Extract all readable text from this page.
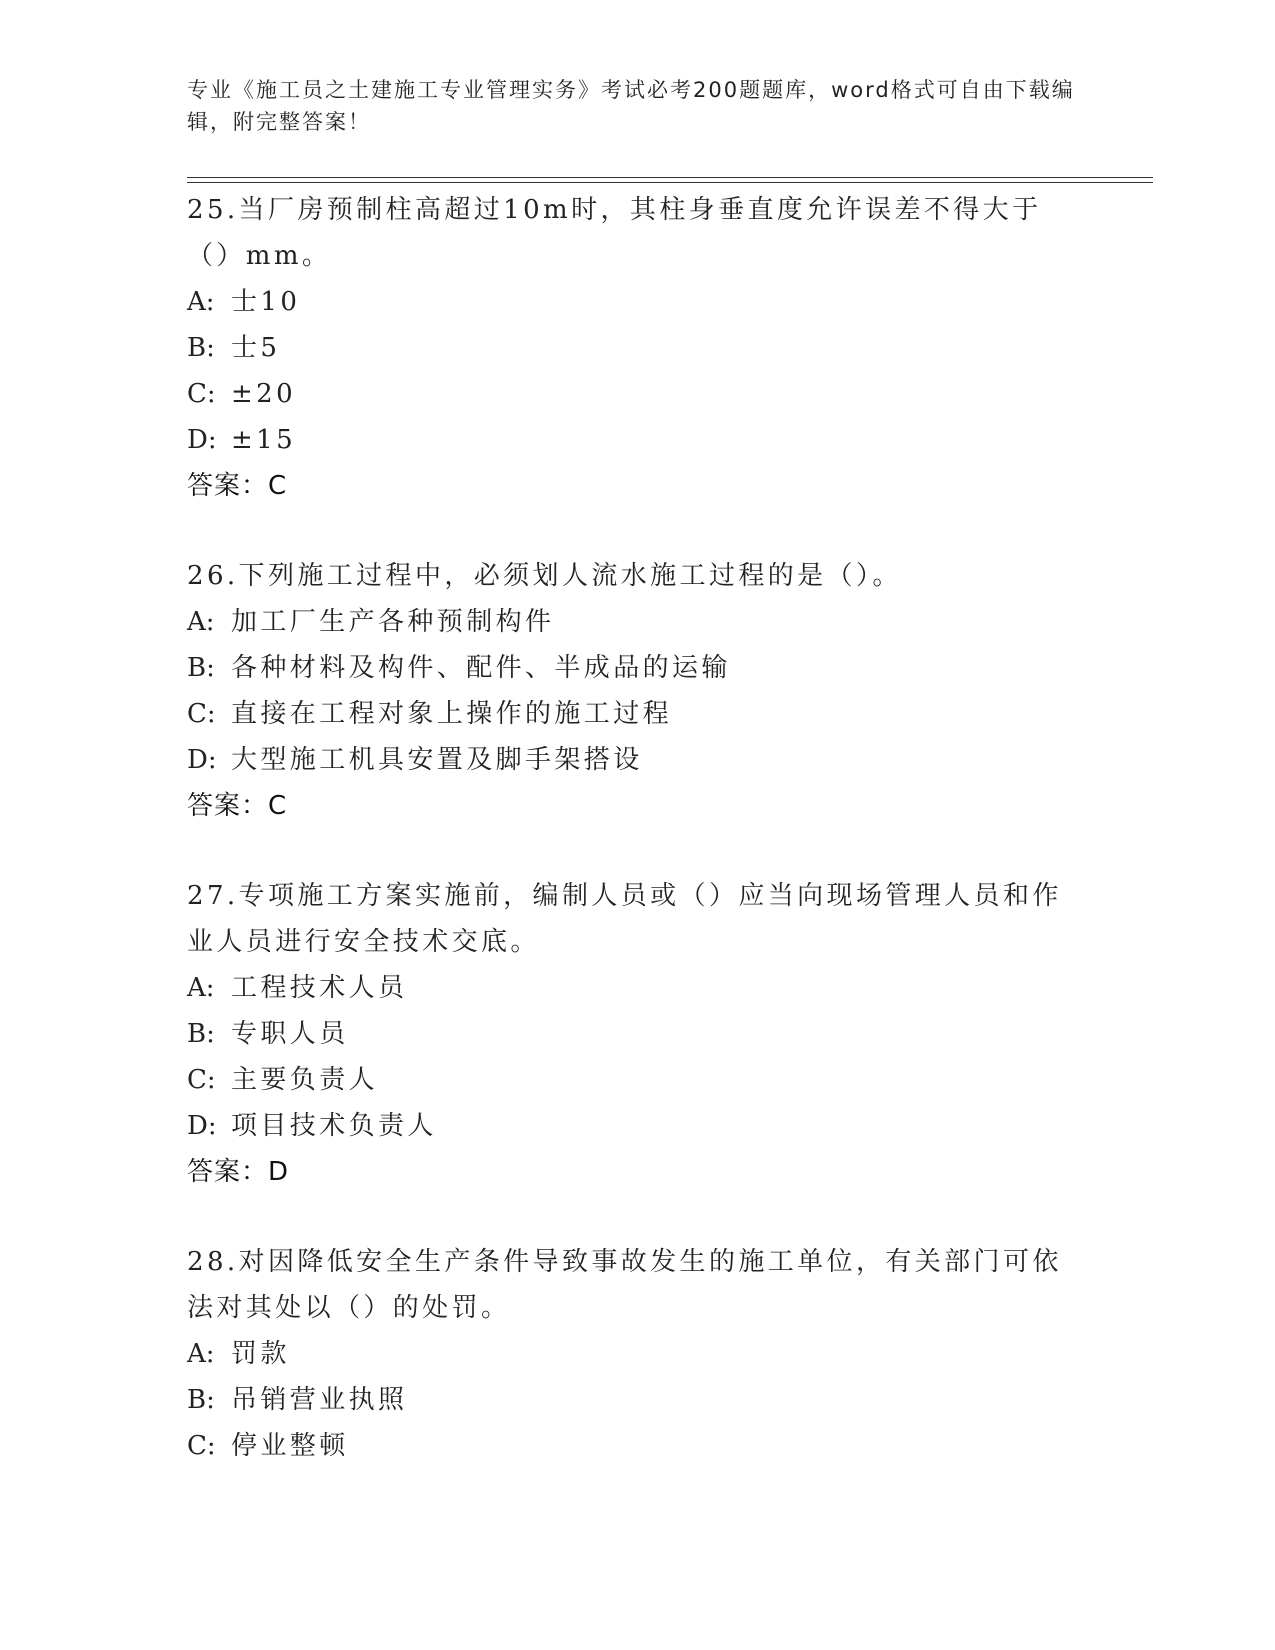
专业《施工员之土建施工专业管理实务》考试必考200题题库，word格式可自由下载编辑，附完整答案！

25.当厂房预制柱高超过10m时，其柱身垂直度允许误差不得大于（）mm。

A: 士10

B: 士5

C: ±20

D: ±15

答案：C

26.下列施工过程中，必须划人流水施工过程的是（）。

A: 加工厂生产各种预制构件

B: 各种材料及构件、配件、半成品的运输

C: 直接在工程对象上操作的施工过程

D: 大型施工机具安置及脚手架搭设

答案：C

27.专项施工方案实施前，编制人员或（）应当向现场管理人员和作业人员进行安全技术交底。

A: 工程技术人员

B: 专职人员

C: 主要负责人

D: 项目技术负责人

答案：D

28.对因降低安全生产条件导致事故发生的施工单位，有关部门可依法对其处以（）的处罚。

A: 罚款

B: 吊销营业执照

C: 停业整顿
